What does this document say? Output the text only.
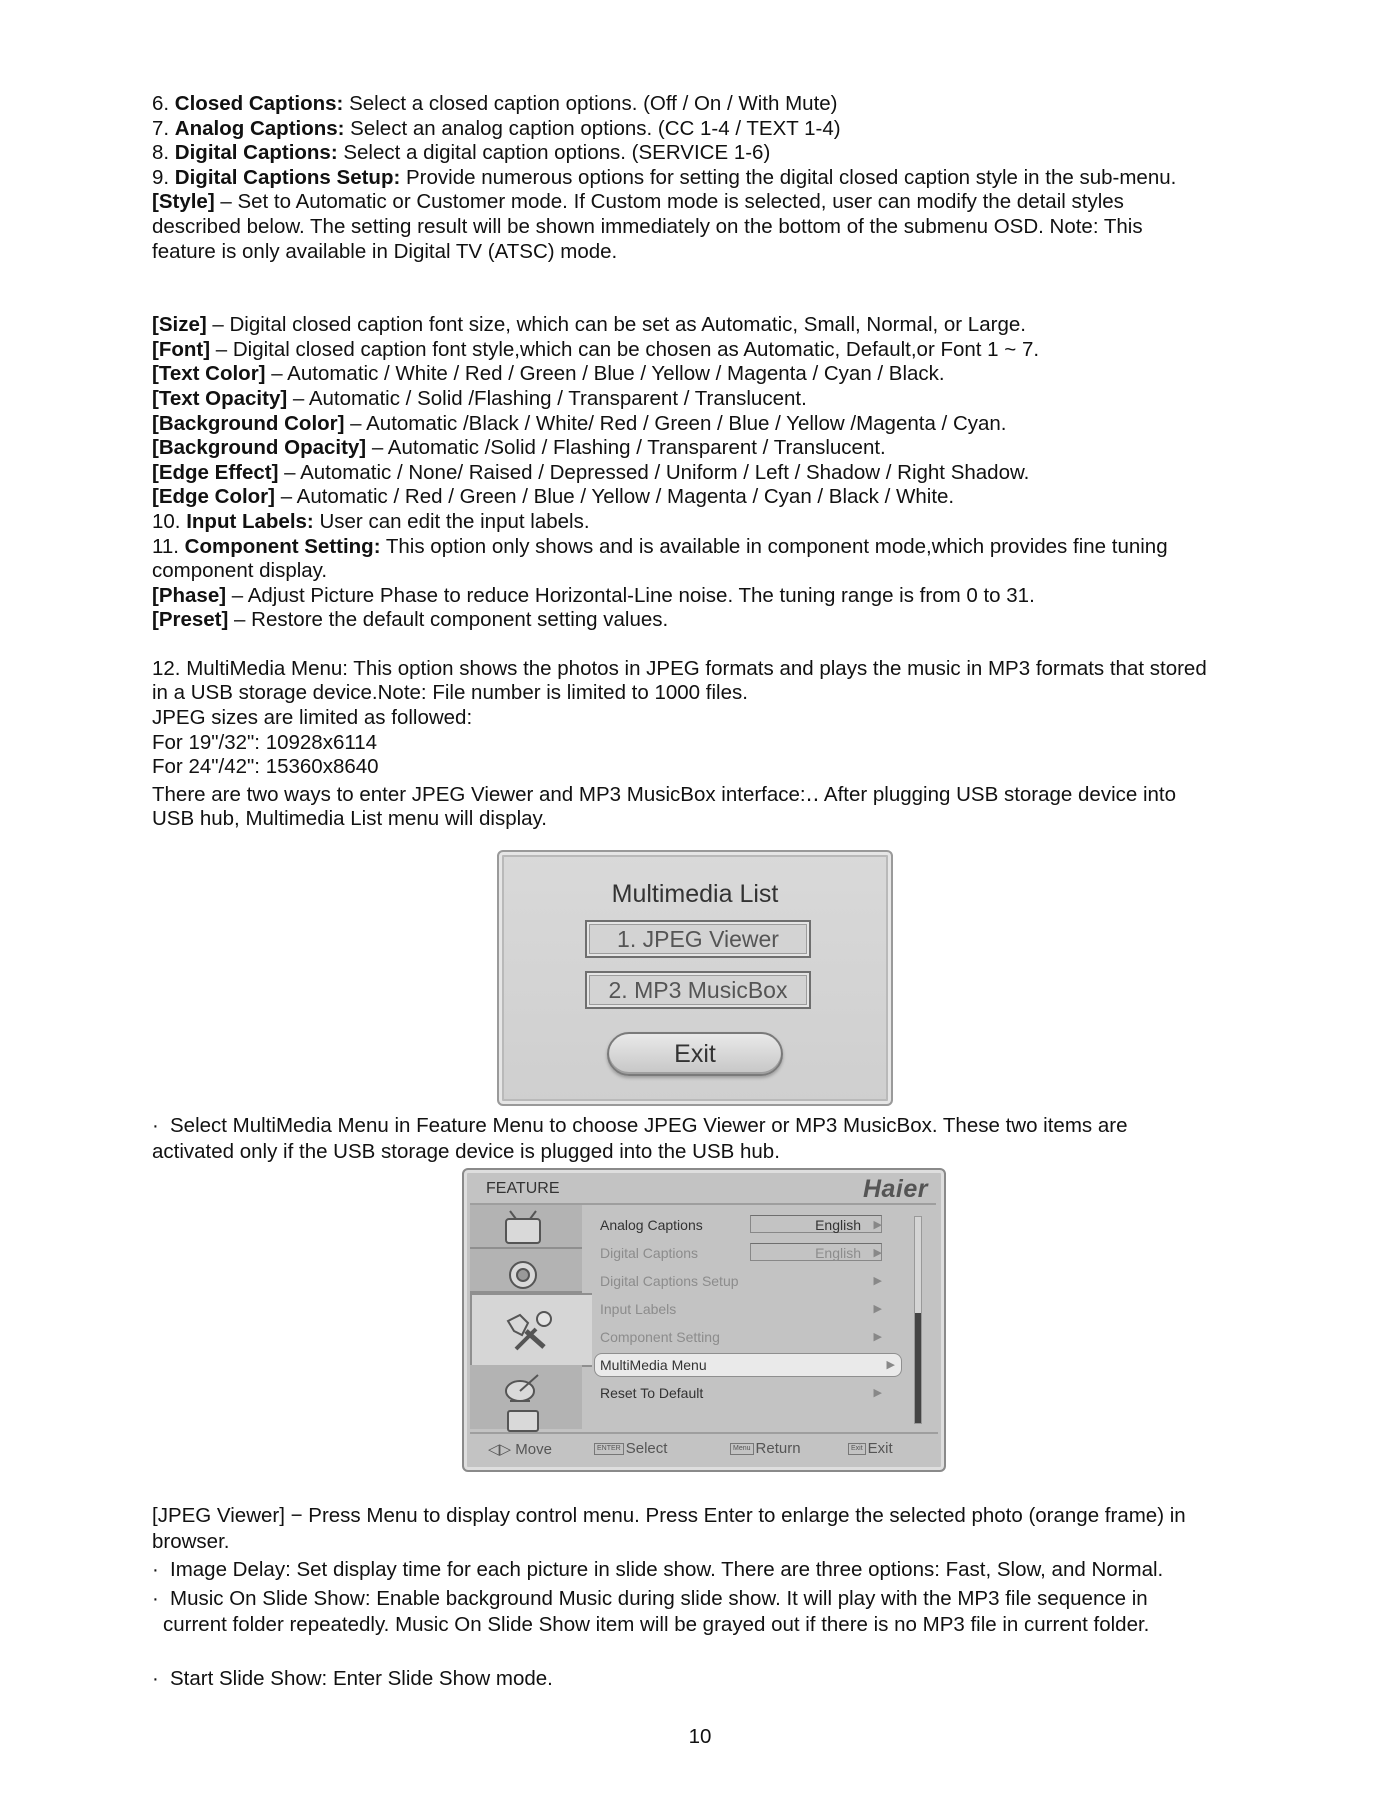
6. Closed Captions: Select a closed caption options. (Off / On / With Mute)
7. Analog Captions: Select an analog caption options. (CC 1-4 / TEXT 1-4)
8. Digital Captions: Select a digital caption options. (SERVICE 1-6)
9. Digital Captions Setup: Provide numerous options for setting the digital closed caption style in the sub-menu.
[Style] – Set to Automatic or Customer mode. If Custom mode is selected, user can modify the detail styles
described below. The setting result will be shown immediately on the bottom of the submenu OSD. Note: This
feature is only available in Digital TV (ATSC) mode.
[Size] – Digital closed caption font size, which can be set as Automatic, Small, Normal, or Large.
[Font] – Digital closed caption font style,which can be chosen as Automatic, Default,or Font 1 ~ 7.
[Text Color] – Automatic / White / Red / Green / Blue / Yellow / Magenta / Cyan / Black.
[Text Opacity] – Automatic / Solid /Flashing / Transparent / Translucent.
[Background Color] – Automatic /Black / White/ Red / Green / Blue / Yellow /Magenta / Cyan.
[Background Opacity] – Automatic /Solid / Flashing / Transparent / Translucent.
[Edge Effect] – Automatic / None/ Raised / Depressed / Uniform / Left / Shadow / Right Shadow.
[Edge Color] – Automatic / Red / Green / Blue / Yellow / Magenta / Cyan / Black / White.
10. Input Labels: User can edit the input labels.
11. Component Setting: This option only shows and is available in component mode,which provides fine tuning
component display.
[Phase] – Adjust Picture Phase to reduce Horizontal-Line noise. The tuning range is from 0 to 31.
[Preset] – Restore the default component setting values.
12. MultiMedia Menu: This option shows the photos in JPEG formats and plays the music in MP3 formats that stored
in a USB storage device.Note: File number is limited to 1000 files.
JPEG sizes are limited as followed:
For 19"/32": 10928x6114
For 24"/42": 15360x8640
There are two ways to enter JPEG Viewer and MP3 MusicBox interface:․․ After plugging USB storage device into
USB hub, Multimedia List menu will display.
Multimedia List
1. JPEG Viewer
2. MP3 MusicBox
Exit
· Select MultiMedia Menu in Feature Menu to choose JPEG Viewer or MP3 MusicBox. These two items are
activated only if the USB storage device is plugged into the USB hub.
FEATURE	Haier
Analog Captions	English	▶
Digital Captions	English	▶
Digital Captions Setup	▶
Input Labels	▶
Component Setting	▶
MultiMedia Menu	▶
Reset To Default	▶
◁▷ Move	ENTER Select	Menu Return	Exit Exit
[JPEG Viewer] − Press Menu to display control menu. Press Enter to enlarge the selected photo (orange frame) in
browser.
· Image Delay: Set display time for each picture in slide show. There are three options: Fast, Slow, and Normal.
· Music On Slide Show: Enable background Music during slide show. It will play with the MP3 file sequence in
current folder repeatedly. Music On Slide Show item will be grayed out if there is no MP3 file in current folder.
· Start Slide Show: Enter Slide Show mode.
10
